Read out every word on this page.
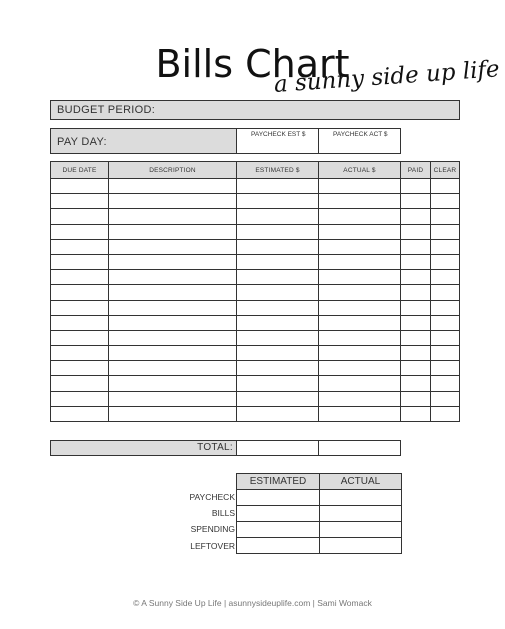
Bills Chart
a sunny side up life
BUDGET PERIOD:
PAY DAY:
PAYCHECK EST $	PAYCHECK ACT $
DUE DATE	DESCRIPTION	ESTIMATED $	ACTUAL $	PAID	CLEAR

TOTAL:
ESTIMATED	ACTUAL

PAYCHECK
BILLS
SPENDING
LEFTOVER
© A Sunny Side Up Life | asunnysideuplife.com | Sami Womack
